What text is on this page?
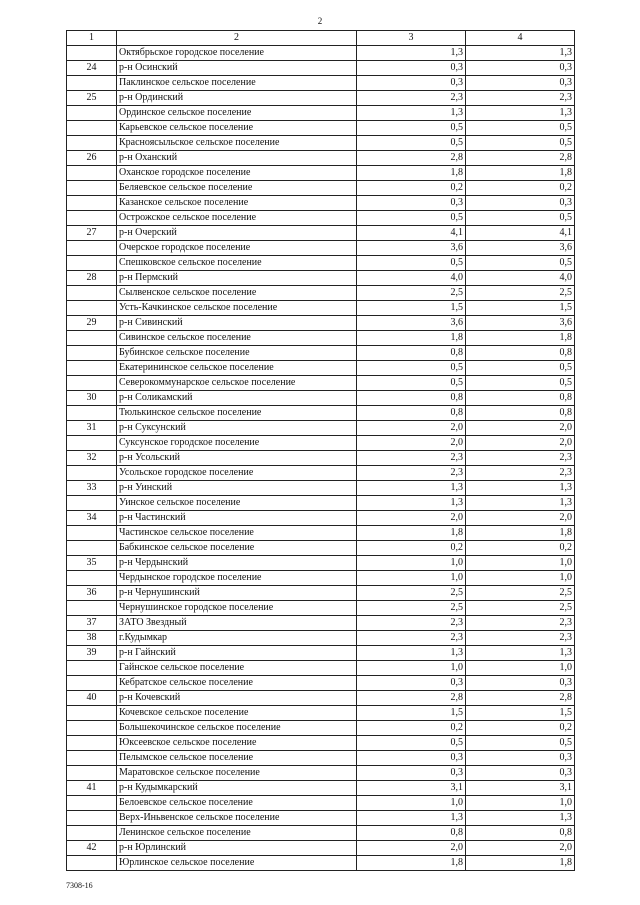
2
1	2	3	4
	Октябрьское городское поселение	1,3	1,3
24	р-н Осинский	0,3	0,3
	Паклинское сельское поселение	0,3	0,3
25	р-н Ординский	2,3	2,3
	Ординское сельское поселение	1,3	1,3
	Карьевское сельское поселение	0,5	0,5
	Красноясыльское сельское поселение	0,5	0,5
26	р-н Оханский	2,8	2,8
	Оханское городское поселение	1,8	1,8
	Беляевское сельское поселение	0,2	0,2
	Казанское сельское поселение	0,3	0,3
	Острожское сельское поселение	0,5	0,5
27	р-н Очерский	4,1	4,1
	Очерское городское поселение	3,6	3,6
	Спешковское сельское поселение	0,5	0,5
28	р-н Пермский	4,0	4,0
	Сылвенское сельское поселение	2,5	2,5
	Усть-Качкинское сельское поселение	1,5	1,5
29	р-н Сивинский	3,6	3,6
	Сивинское сельское поселение	1,8	1,8
	Бубинское сельское поселение	0,8	0,8
	Екатерининское сельское поселение	0,5	0,5
	Северокоммунарское сельское поселение	0,5	0,5
30	р-н Соликамский	0,8	0,8
	Тюлькинское сельское поселение	0,8	0,8
31	р-н Суксунский	2,0	2,0
	Суксунское городское поселение	2,0	2,0
32	р-н Усольский	2,3	2,3
	Усольское городское поселение	2,3	2,3
33	р-н Уинский	1,3	1,3
	Уинское сельское поселение	1,3	1,3
34	р-н Частинский	2,0	2,0
	Частинское сельское поселение	1,8	1,8
	Бабкинское сельское поселение	0,2	0,2
35	р-н Чердынский	1,0	1,0
	Чердынское городское поселение	1,0	1,0
36	р-н Чернушинский	2,5	2,5
	Чернушинское городское поселение	2,5	2,5
37	ЗАТО Звездный	2,3	2,3
38	г.Кудымкар	2,3	2,3
39	р-н Гайнский	1,3	1,3
	Гайнское сельское поселение	1,0	1,0
	Кебратское сельское поселение	0,3	0,3
40	р-н Кочевский	2,8	2,8
	Кочевское сельское поселение	1,5	1,5
	Большекочинское сельское поселение	0,2	0,2
	Юксеевское сельское поселение	0,5	0,5
	Пелымское сельское поселение	0,3	0,3
	Маратовское сельское поселение	0,3	0,3
41	р-н Кудымкарский	3,1	3,1
	Белоевское сельское поселение	1,0	1,0
	Верх-Иньвенское сельское поселение	1,3	1,3
	Ленинское сельское поселение	0,8	0,8
42	р-н Юрлинский	2,0	2,0
	Юрлинское сельское поселение	1,8	1,8
7308-16
